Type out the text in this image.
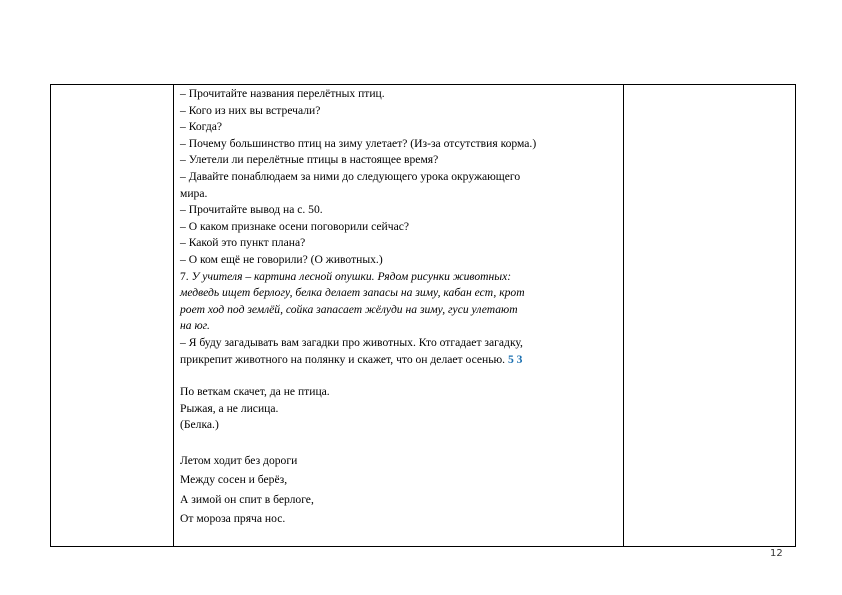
– Прочитайте названия перелётных птиц.
– Кого из них вы встречали?
– Когда?
– Почему большинство птиц на зиму улетает? (Из-за отсутствия корма.)
– Улетели ли перелётные птицы в настоящее время?
– Давайте понаблюдаем за ними до следующего урока окружающего
мира.
– Прочитайте вывод на с. 50.
– О каком признаке осени поговорили сейчас?
– Какой это пункт плана?
– О ком ещё не говорили? (О животных.)
7. У учителя – картина лесной опушки. Рядом рисунки животных:
медведь ищет берлогу, белка делает запасы на зиму, кабан ест, крот
роет ход под землёй, сойка запасает жёлуди на зиму, гуси улетают
на юг.
– Я буду загадывать вам загадки про животных. Кто отгадает загадку,
прикрепит животного на полянку и скажет, что он делает осенью. 5 3
По веткам скачет, да не птица.
Рыжая, а не лисица.
(Белка.)
Летом ходит без дороги
Между сосен и берёз,
А зимой он спит в берлоге,
От мороза пряча нос.
12
